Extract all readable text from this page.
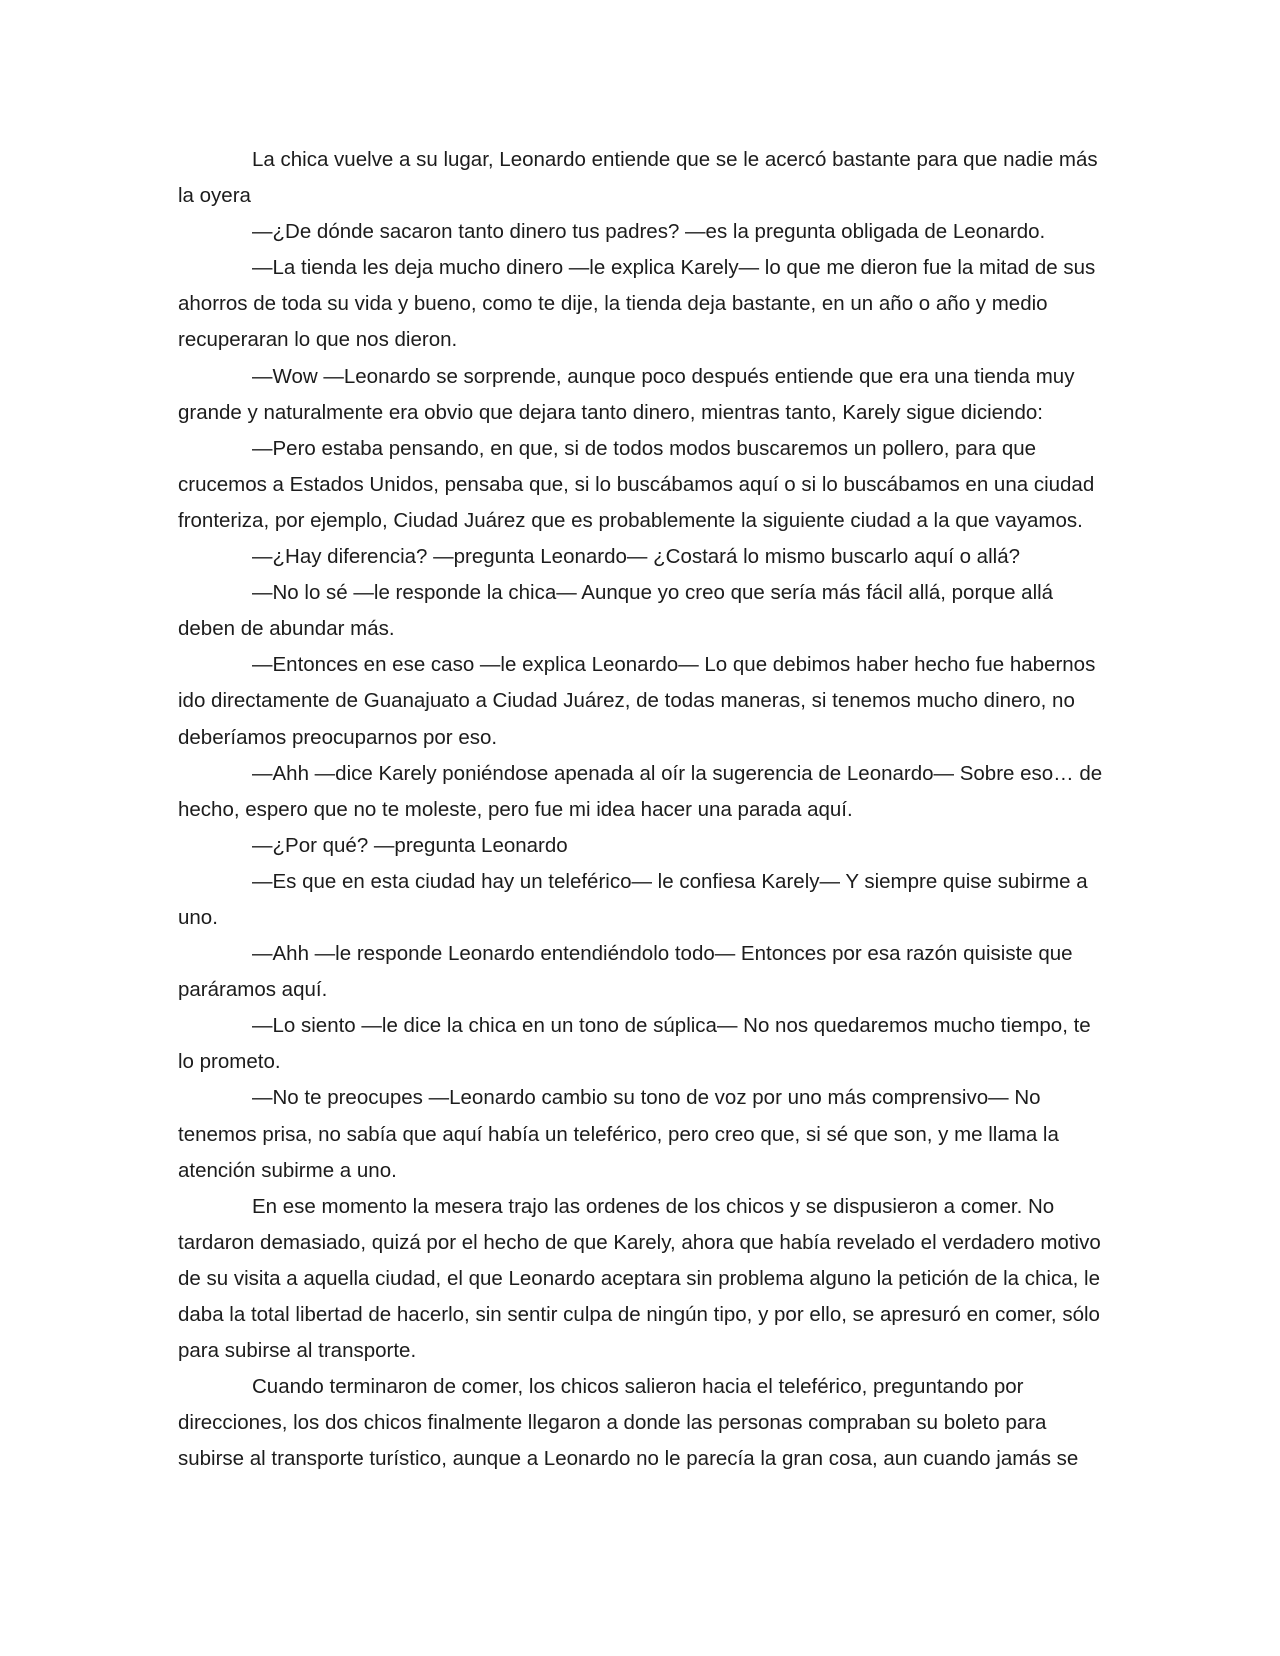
La chica vuelve a su lugar, Leonardo entiende que se le acercó bastante para que nadie más la oyera

—¿De dónde sacaron tanto dinero tus padres? —es la pregunta obligada de Leonardo.

—La tienda les deja mucho dinero —le explica Karely— lo que me dieron fue la mitad de sus ahorros de toda su vida y bueno, como te dije, la tienda deja bastante, en un año o año y medio recuperaran lo que nos dieron.

—Wow —Leonardo se sorprende, aunque poco después entiende que era una tienda muy grande y naturalmente era obvio que dejara tanto dinero, mientras tanto, Karely sigue diciendo:

—Pero estaba pensando, en que, si de todos modos buscaremos un pollero, para que crucemos a Estados Unidos, pensaba que, si lo buscábamos aquí o si lo buscábamos en una ciudad fronteriza, por ejemplo, Ciudad Juárez que es probablemente la siguiente ciudad a la que vayamos.

—¿Hay diferencia? —pregunta Leonardo— ¿Costará lo mismo buscarlo aquí o allá?

—No lo sé —le responde la chica— Aunque yo creo que sería más fácil allá, porque allá deben de abundar más.

—Entonces en ese caso —le explica Leonardo— Lo que debimos haber hecho fue habernos ido directamente de Guanajuato a Ciudad Juárez, de todas maneras, si tenemos mucho dinero, no deberíamos preocuparnos por eso.

—Ahh —dice Karely poniéndose apenada al oír la sugerencia de Leonardo— Sobre eso… de hecho, espero que no te moleste, pero fue mi idea hacer una parada aquí.

—¿Por qué? —pregunta Leonardo

—Es que en esta ciudad hay un teleférico— le confiesa Karely— Y siempre quise subirme a uno.

—Ahh —le responde Leonardo entendiéndolo todo— Entonces por esa razón quisiste que paráramos aquí.

—Lo siento —le dice la chica en un tono de súplica— No nos quedaremos mucho tiempo, te lo prometo.

—No te preocupes —Leonardo cambio su tono de voz por uno más comprensivo— No tenemos prisa, no sabía que aquí había un teleférico, pero creo que, si sé que son, y me llama la atención subirme a uno.

En ese momento la mesera trajo las ordenes de los chicos y se dispusieron a comer. No tardaron demasiado, quizá por el hecho de que Karely, ahora que había revelado el verdadero motivo de su visita a aquella ciudad, el que Leonardo aceptara sin problema alguno la petición de la chica, le daba la total libertad de hacerlo, sin sentir culpa de ningún tipo, y por ello, se apresuró en comer, sólo para subirse al transporte.

Cuando terminaron de comer, los chicos salieron hacia el teleférico, preguntando por direcciones, los dos chicos finalmente llegaron a donde las personas compraban su boleto para subirse al transporte turístico, aunque a Leonardo no le parecía la gran cosa, aun cuando jamás se
